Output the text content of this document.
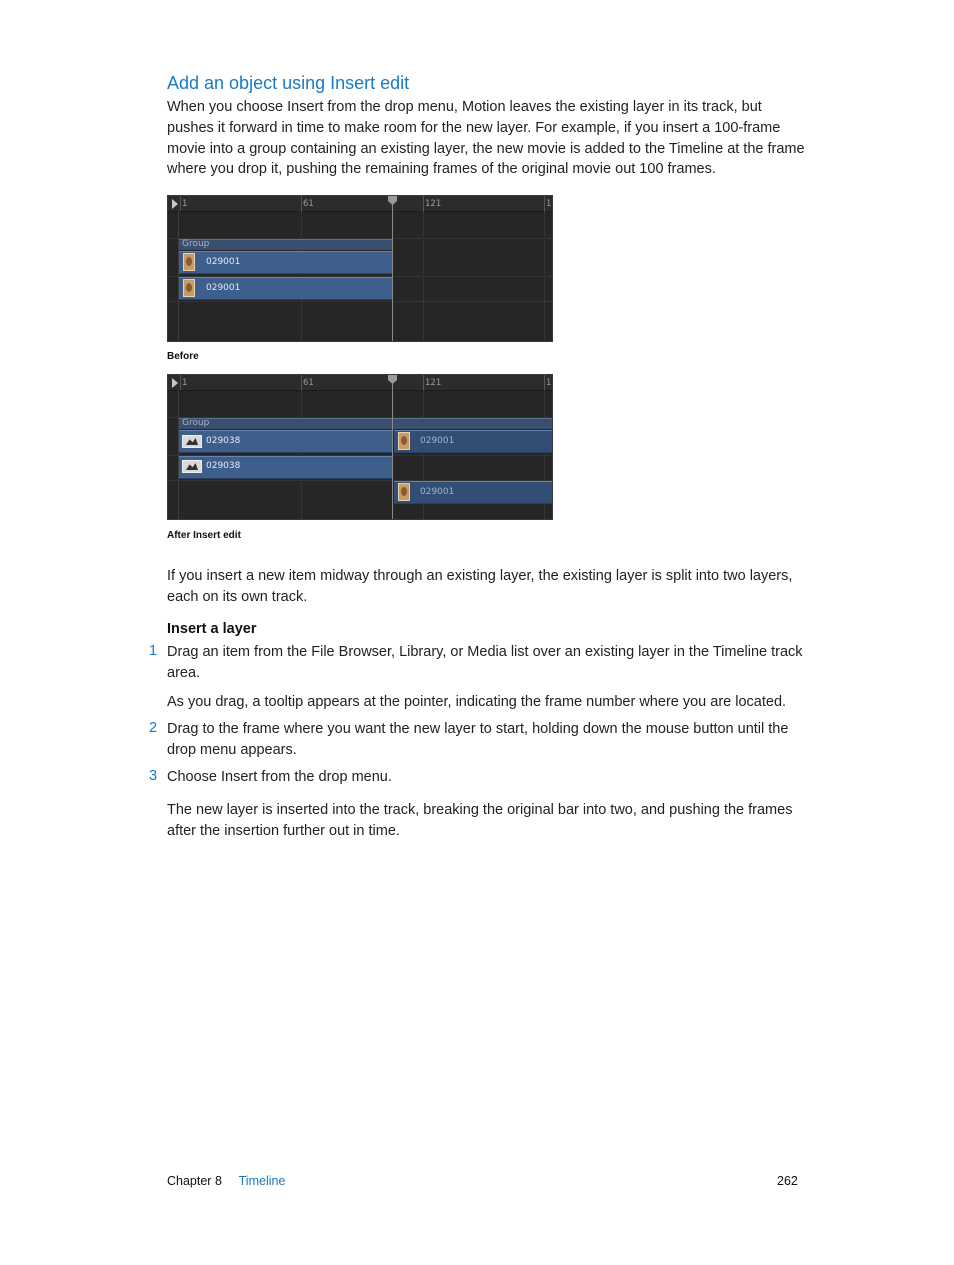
Add an object using Insert edit

When you choose Insert from the drop menu, Motion leaves the existing layer in its track, but pushes it forward in time to make room for the new layer. For example, if you insert a 100-frame movie into a group containing an existing layer, the new movie is added to the Timeline at the frame where you drop it, pushing the remaining frames of the original movie out 100 frames.

1	61	121	1
Group
029001
029001
Before
1	61	121	1
Group
029038	029001
029038
029001
After Insert edit

If you insert a new item midway through an existing layer, the existing layer is split into two layers, each on its own track.

Insert a layer
1 Drag an item from the File Browser, Library, or Media list over an existing layer in the Timeline track area.
As you drag, a tooltip appears at the pointer, indicating the frame number where you are located.
2 Drag to the frame where you want the new layer to start, holding down the mouse button until the drop menu appears.
3 Choose Insert from the drop menu.

The new layer is inserted into the track, breaking the original bar into two, and pushing the frames after the insertion further out in time.

Chapter 8 Timeline	262
